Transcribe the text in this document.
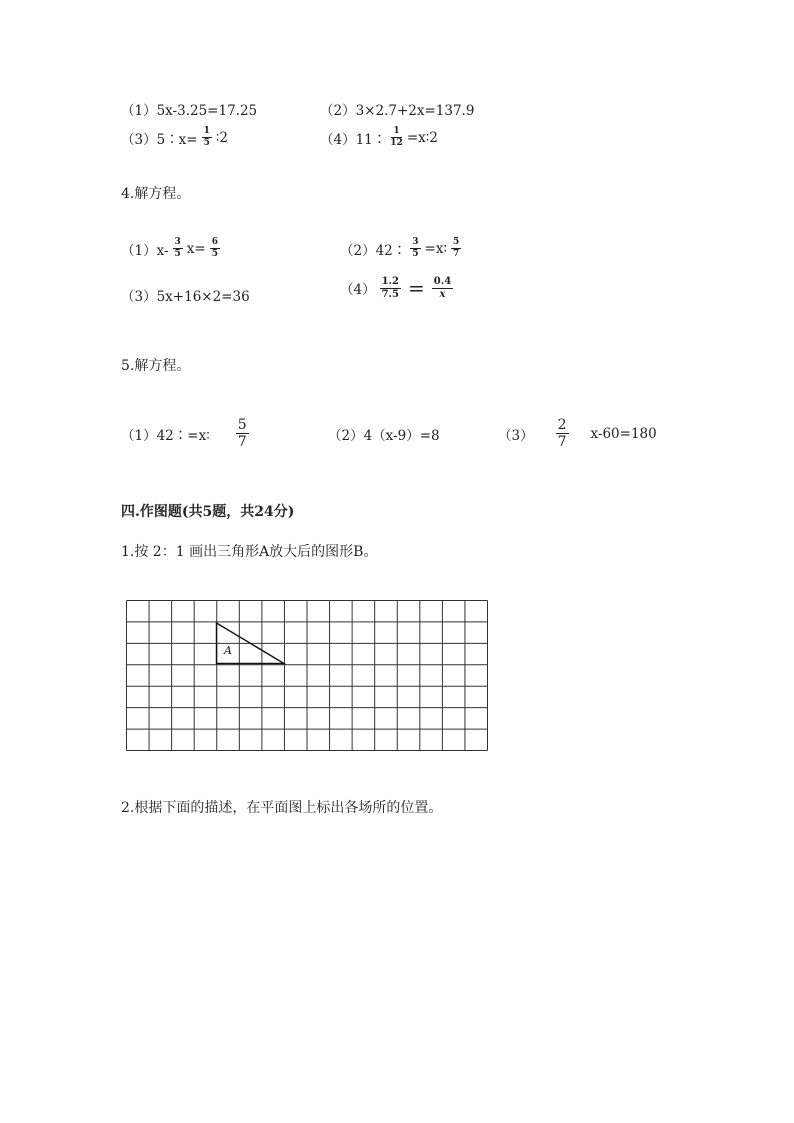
（1）5x-3.25=17.25	（2）3×2.7+2x=137.9
（3）5∶x= $\frac{1}{5}$ ∶2	（4）11∶ $\frac{1}{12}$ =x∶2
4.解方程。
$(1)x- \frac{3}{5} x= \frac{6}{5}$	（2）42∶ $\frac{3}{5}$ =x∶ $\frac{5}{7}$
（3）5x+16×2=36	$(4) \frac{1.2}{7.5} = \frac{0.4}{x}$
5.解方程。
（1）42∶=x∶ $\frac{5}{7}$	（2）4（x-9）=8	$(3) \frac{2}{7} x-60=180$
四.作图题(共5题，共24分)
1.按 2：1 画出三角形A放大后的图形B。
A
2.根据下面的描述，在平面图上标出各场所的位置。
